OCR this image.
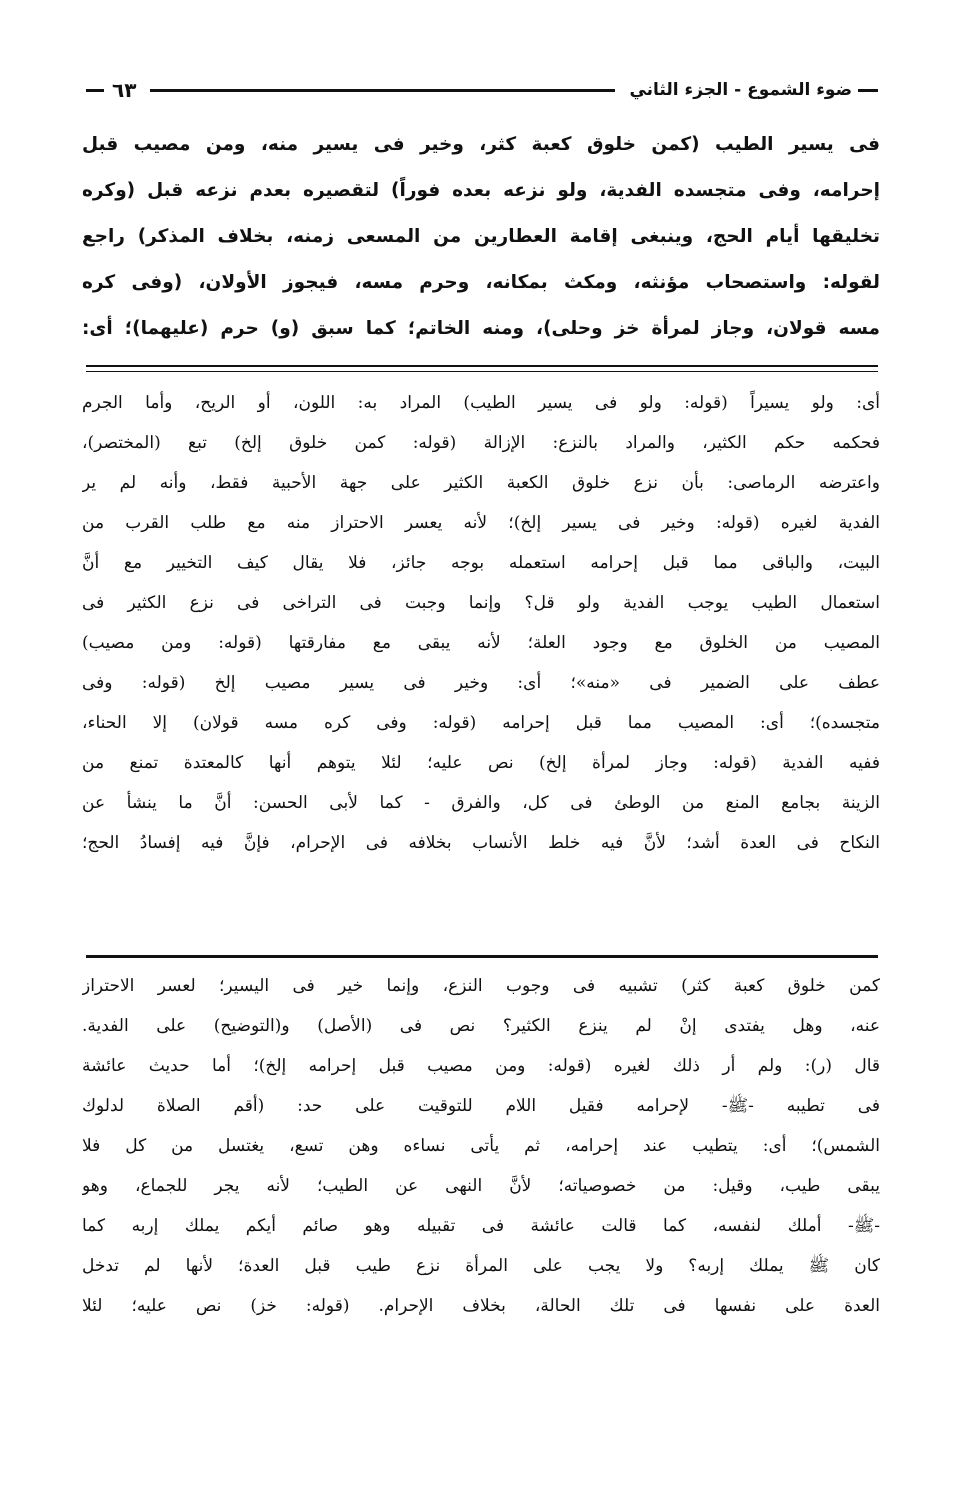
ضوء الشموع - الجزء الثاني
٦٣
فى يسير الطيب (كمن خلوق كعبة كثر، وخير فى يسير منه، ومن مصيب قبل
إحرامه، وفى متجسده الفدية، ولو نزعه بعده فوراً) لتقصيره بعدم نزعه قبل (وكره
تخليقها أيام الحج، وينبغى إقامة العطارين من المسعى زمنه، بخلاف المذكر) راجع
لقوله: واستصحاب مؤنثه، ومكث بمكانه، وحرم مسه، فيجوز الأولان، (وفى كره
مسه قولان، وجاز لمرأة خز وحلى)، ومنه الخاتم؛ كما سبق (و) حرم (عليهما)؛ أى:
أى: ولو يسيراً (قوله: ولو فى يسير الطيب) المراد به: اللون، أو الريح، وأما الجرم
فحكمه حكم الكثير، والمراد بالنزع: الإزالة (قوله: كمن خلوق إلخ) تبع (المختصر)،
واعترضه الرماصى: بأن نزع خلوق الكعبة الكثير على جهة الأحبية فقط، وأنه لم ير
الفدية لغيره (قوله: وخير فى يسير إلخ)؛ لأنه يعسر الاحتراز منه مع طلب القرب من
البيت، والباقى مما قبل إحرامه استعمله بوجه جائز، فلا يقال كيف التخيير مع أنَّ
استعمال الطيب يوجب الفدية ولو قل؟ وإنما وجبت فى التراخى فى نزع الكثير فى
المصيب من الخلوق مع وجود العلة؛ لأنه يبقى مع مفارقتها (قوله: ومن مصيب)
عطف على الضمير فى «منه»؛ أى: وخير فى يسير مصيب إلخ (قوله: وفى
متجسده)؛ أى: المصيب مما قبل إحرامه (قوله: وفى كره مسه قولان) إلا الحناء،
ففيه الفدية (قوله: وجاز لمرأة إلخ) نص عليه؛ لئلا يتوهم أنها كالمعتدة تمنع من
الزينة بجامع المنع من الوطئ فى كل، والفرق - كما لأبى الحسن: أنَّ ما ينشأ عن
النكاح فى العدة أشد؛ لأنَّ فيه خلط الأنساب بخلافه فى الإحرام، فإنَّ فيه إفسادُ الحج؛
كمن خلوق كعبة كثر) تشبيه فى وجوب النزع، وإنما خير فى اليسير؛ لعسر الاحتراز
عنه، وهل يفتدى إنْ لم ينزع الكثير؟ نص فى (الأصل) و(التوضيح) على الفدية.
قال (ر): ولم أر ذلك لغيره (قوله: ومن مصيب قبل إحرامه إلخ)؛ أما حديث عائشة
فى تطيبه -ﷺ- لإحرامه فقيل اللام للتوقيت على حد: (أقم الصلاة لدلوك
الشمس)؛ أى: يتطيب عند إحرامه، ثم يأتى نساءه وهن تسع، يغتسل من كل فلا
يبقى طيب، وقيل: من خصوصياته؛ لأنَّ النهى عن الطيب؛ لأنه يجر للجماع، وهو
-ﷺ- أملك لنفسه، كما قالت عائشة فى تقبيله وهو صائم أيكم يملك إربه كما
كان ﷺ يملك إربه؟ ولا يجب على المرأة نزع طيب قبل العدة؛ لأنها لم تدخل
العدة على نفسها فى تلك الحالة، بخلاف الإحرام. (قوله: خز) نص عليه؛ لئلا
